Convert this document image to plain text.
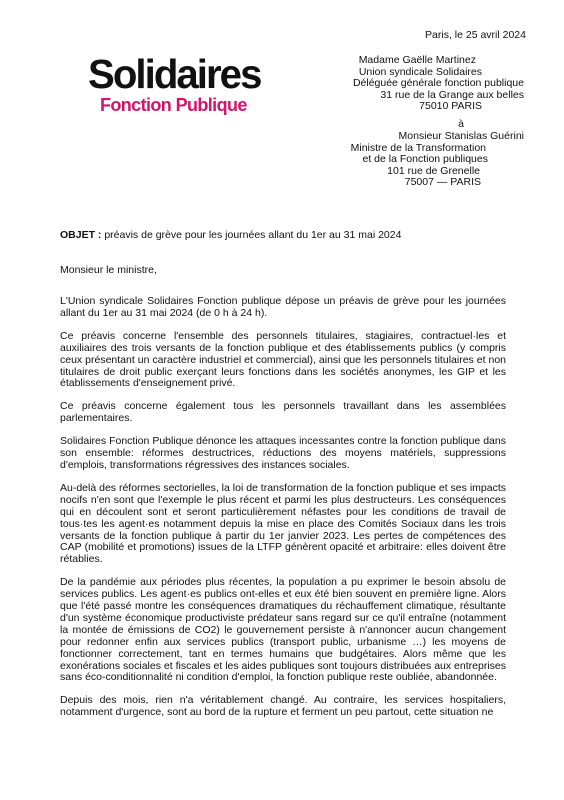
Paris, le 25 avril 2024
Solidaires
Fonction Publique
Madame Gaëlle Martinez
Union syndicale Solidaires
Déléguée générale fonction publique
31 rue de la Grange aux belles
75010 PARIS
à
Monsieur Stanislas Guérini
Ministre de la Transformation
et de la Fonction publiques
101 rue de Grenelle
75007 — PARIS
OBJET : préavis de grève pour les journées allant du 1er au 31 mai 2024
Monsieur le ministre,

L'Union syndicale Solidaires Fonction publique dépose un préavis de grève pour les journées allant du 1er au 31 mai 2024 (de 0 h à 24 h).

Ce préavis concerne l'ensemble des personnels titulaires, stagiaires, contractuel·les et auxiliaires des trois versants de la fonction publique et des établissements publics (y compris ceux présentant un caractère industriel et commercial), ainsi que les personnels titulaires et non titulaires de droit public exerçant leurs fonctions dans les sociétés anonymes, les GIP et les établissements d'enseignement privé.

Ce préavis concerne également tous les personnels travaillant dans les assemblées parlementaires.

Solidaires Fonction Publique dénonce les attaques incessantes contre la fonction publique dans son ensemble: réformes destructrices, réductions des moyens matériels, suppressions d'emplois, transformations régressives des instances sociales.

Au-delà des réformes sectorielles, la loi de transformation de la fonction publique et ses impacts nocifs n'en sont que l'exemple le plus récent et parmi les plus destructeurs. Les conséquences qui en découlent sont et seront particulièrement néfastes pour les conditions de travail de tous·tes les agent·es notamment depuis la mise en place des Comités Sociaux dans les trois versants de la fonction publique à partir du 1er janvier 2023. Les pertes de compétences des CAP (mobilité et promotions) issues de la LTFP génèrent opacité et arbitraire: elles doivent être rétablies.

De la pandémie aux périodes plus récentes, la population a pu exprimer le besoin absolu de services publics. Les agent·es publics ont-elles et eux été bien souvent en première ligne. Alors que l'été passé montre les conséquences dramatiques du réchauffement climatique, résultante d'un système économique productiviste prédateur sans regard sur ce qu'il entraîne (notamment la montée de émissions de CO2) le gouvernement persiste à n'annoncer aucun changement pour redonner enfin aux services publics (transport public, urbanisme …) les moyens de fonctionner correctement, tant en termes humains que budgétaires. Alors même que les exonérations sociales et fiscales et les aides publiques sont toujours distribuées aux entreprises sans éco-conditionnalité ni condition d'emploi, la fonction publique reste oubliée, abandonnée.

Depuis des mois, rien n'a véritablement changé. Au contraire, les services hospitaliers, notamment d'urgence, sont au bord de la rupture et ferment un peu partout, cette situation ne
